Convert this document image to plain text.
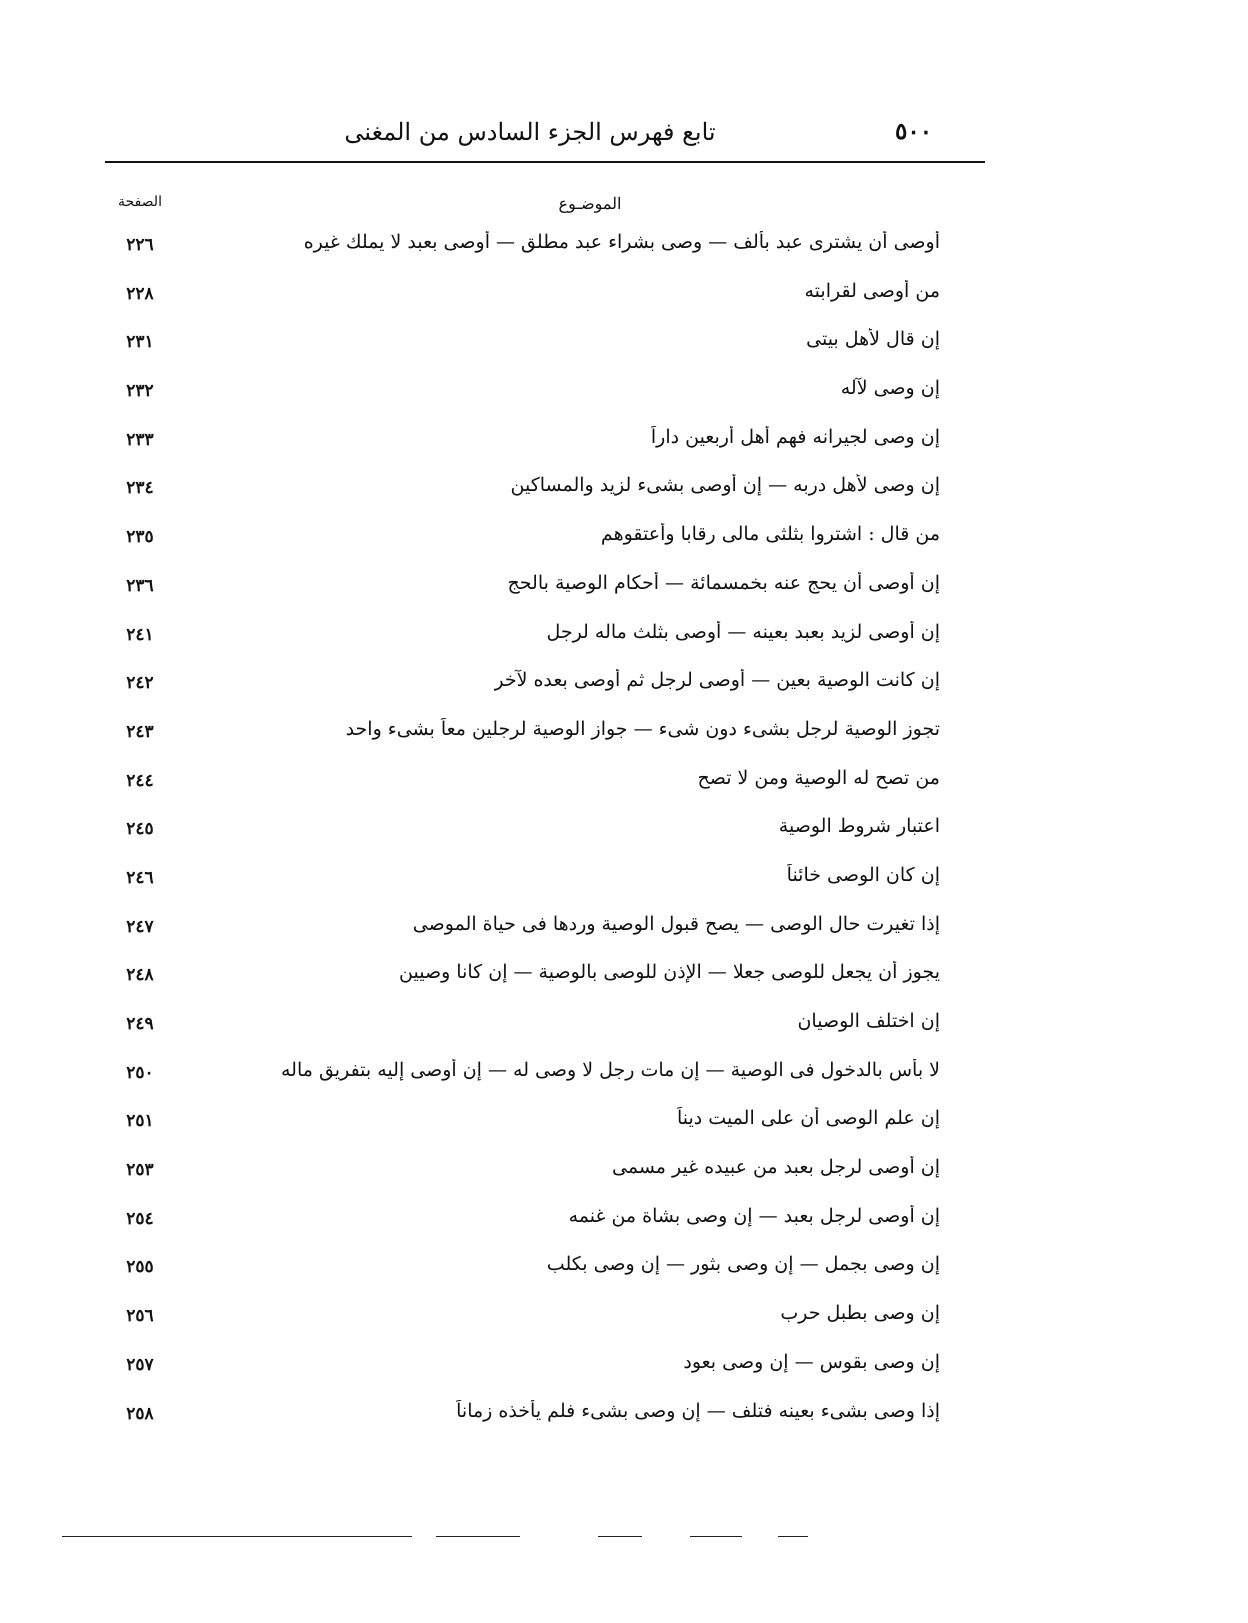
تابع فهرس الجزء السادس من المغنى	٥٠٠
الموضـوع
الصفحة
أوصى أن يشترى عبد بألف — وصى بشراء عبد مطلق — أوصى بعبد لا يملك غيره
٢٢٦
من أوصى لقرابته
٢٢٨
إن قال لأهل بيتى
٢٣١
إن وصى لآله
٢٣٢
إن وصى لجيرانه فهم أهل أربعين داراً
٢٣٣
إن وصى لأهل دربه — إن أوصى بشىء لزيد والمساكين
٢٣٤
من قال : اشتروا بثلثى مالى رقابا وأعتقوهم
٢٣٥
إن أوصى أن يحج عنه بخمسمائة — أحكام الوصية بالحج
٢٣٦
إن أوصى لزيد بعبد بعينه — أوصى بثلث ماله لرجل
٢٤١
إن كانت الوصية بعين — أوصى لرجل ثم أوصى بعده لآخر
٢٤٢
تجوز الوصية لرجل بشىء دون شىء — جواز الوصية لرجلين معاً بشىء واحد
٢٤٣
من تصح له الوصية ومن لا تصح
٢٤٤
اعتبار شروط الوصية
٢٤٥
إن كان الوصى خائناً
٢٤٦
إذا تغيرت حال الوصى — يصح قبول الوصية وردها فى حياة الموصى
٢٤٧
يجوز أن يجعل للوصى جعلا — الإذن للوصى بالوصية — إن كانا وصيين
٢٤٨
إن اختلف الوصيان
٢٤٩
لا بأس بالدخول فى الوصية — إن مات رجل لا وصى له — إن أوصى إليه بتفريق ماله
٢٥٠
إن علم الوصى أن على الميت ديناً
٢٥١
إن أوصى لرجل بعبد من عبيده غير مسمى
٢٥٣
إن أوصى لرجل بعبد — إن وصى بشاة من غنمه
٢٥٤
إن وصى بجمل — إن وصى بثور — إن وصى بكلب
٢٥٥
إن وصى بطبل حرب
٢٥٦
إن وصى بقوس — إن وصى بعود
٢٥٧
إذا وصى بشىء بعينه فتلف — إن وصى بشىء فلم يأخذه زماناً
٢٥٨
